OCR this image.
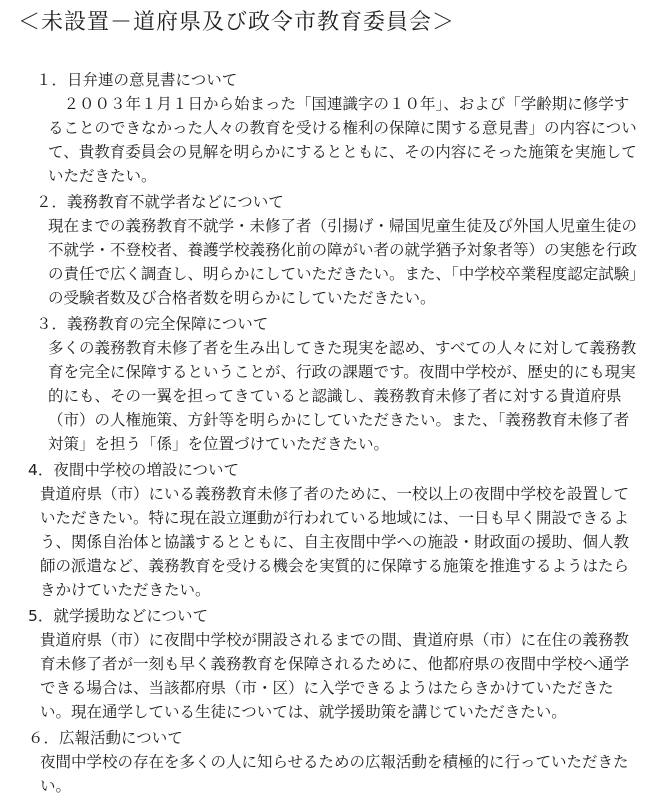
＜未設置－道府県及び政令市教育委員会＞
１．日弁連の意見書について
　２００３年１月１日から始まった「国連識字の１０年」、および「学齢期に修学することのできなかった人々の教育を受ける権利の保障に関する意見書」の内容について、貴教育委員会の見解を明らかにするとともに、その内容にそった施策を実施していただきたい。
２．義務教育不就学者などについて
現在までの義務教育不就学・未修了者（引揚げ・帰国児童生徒及び外国人児童生徒の不就学・不登校者、養護学校義務化前の障がい者の就学猶予対象者等）の実態を行政の責任で広く調査し、明らかにしていただきたい。また、「中学校卒業程度認定試験」の受験者数及び合格者数を明らかにしていただきたい。
３．義務教育の完全保障について
多くの義務教育未修了者を生み出してきた現実を認め、すべての人々に対して義務教育を完全に保障するということが、行政の課題です。夜間中学校が、歴史的にも現実的にも、その一翼を担ってきていると認識し、義務教育未修了者に対する貴道府県（市）の人権施策、方針等を明らかにしていただきたい。また、「義務教育未修了者対策」を担う「係」を位置づけていただきたい。
4．夜間中学校の増設について
貴道府県（市）にいる義務教育未修了者のために、一校以上の夜間中学校を設置していただきたい。特に現在設立運動が行われている地域には、一日も早く開設できるよう、関係自治体と協議するとともに、自主夜間中学への施設・財政面の援助、個人教師の派遣など、義務教育を受ける機会を実質的に保障する施策を推進するようはたらきかけていただきたい。
5．就学援助などについて
貴道府県（市）に夜間中学校が開設されるまでの間、貴道府県（市）に在住の義務教育未修了者が一刻も早く義務教育を保障されるために、他都府県の夜間中学校へ通学できる場合は、当該都府県（市・区）に入学できるようはたらきかけていただきたい。現在通学している生徒については、就学援助策を講じていただきたい。
６．広報活動について
夜間中学校の存在を多くの人に知らせるための広報活動を積極的に行っていただきたい。
